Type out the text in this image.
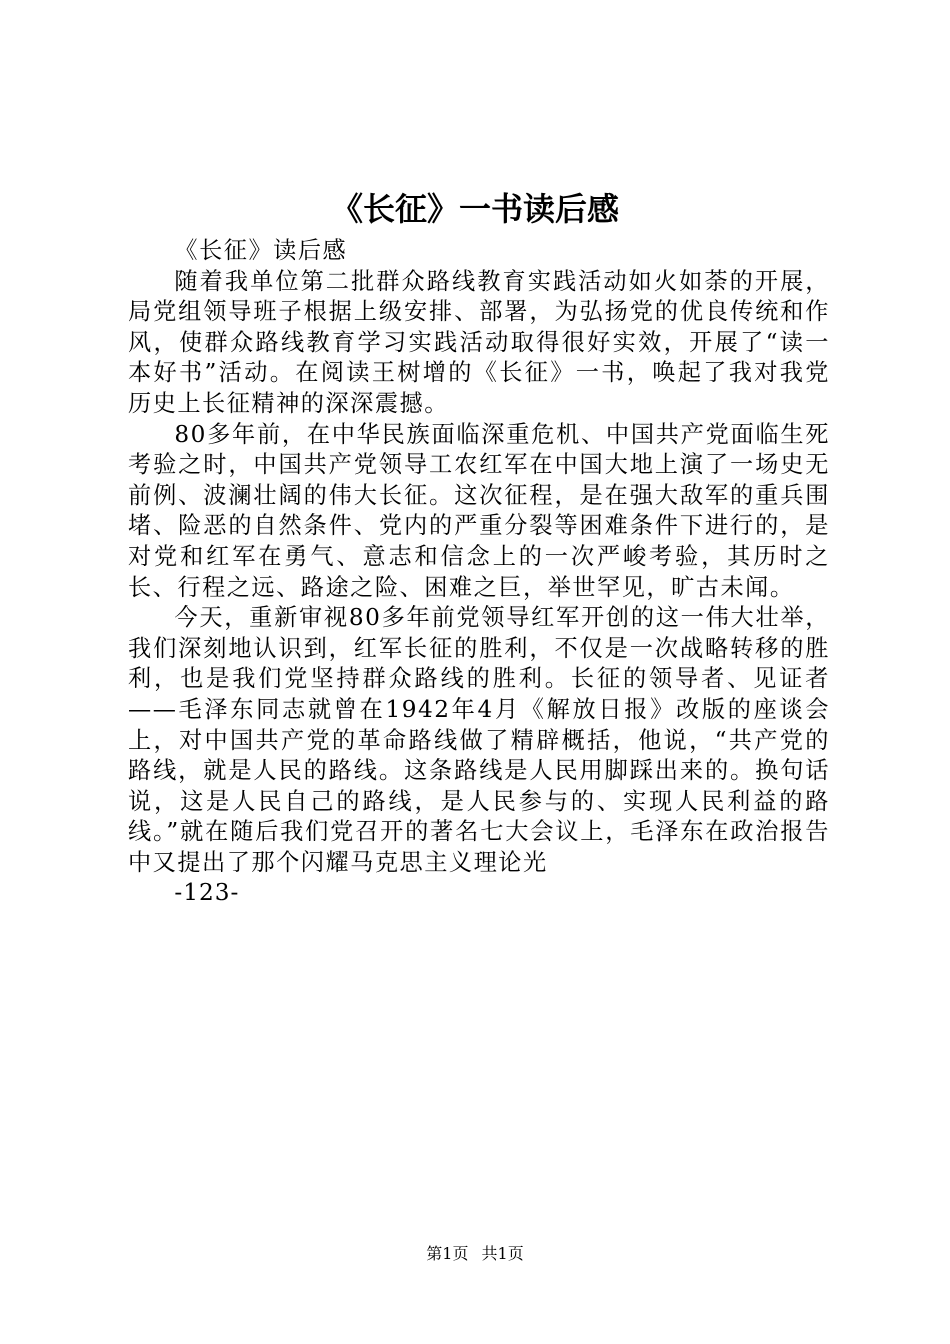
《长征》一书读后感
《长征》读后感

随着我单位第二批群众路线教育实践活动如火如荼的开展，局党组领导班子根据上级安排、部署，为弘扬党的优良传统和作风，使群众路线教育学习实践活动取得很好实效，开展了“读一本好书”活动。在阅读王树增的《长征》一书，唤起了我对我党历史上长征精神的深深震撼。

80多年前，在中华民族面临深重危机、中国共产党面临生死考验之时，中国共产党领导工农红军在中国大地上演了一场史无前例、波澜壮阔的伟大长征。这次征程，是在强大敌军的重兵围堵、险恶的自然条件、党内的严重分裂等困难条件下进行的，是对党和红军在勇气、意志和信念上的一次严峻考验，其历时之长、行程之远、路途之险、困难之巨，举世罕见，旷古未闻。

今天，重新审视80多年前党领导红军开创的这一伟大壮举，我们深刻地认识到，红军长征的胜利，不仅是一次战略转移的胜利，也是我们党坚持群众路线的胜利。长征的领导者、见证者——毛泽东同志就曾在1942年4月《解放日报》改版的座谈会上，对中国共产党的革命路线做了精辟概括，他说，“共产党的路线，就是人民的路线。这条路线是人民用脚踩出来的。换句话说，这是人民自己的路线，是人民参与的、实现人民利益的路线。”就在随后我们党召开的著名七大会议上，毛泽东在政治报告中又提出了那个闪耀马克思主义理论光

-123-
第1页 共1页
